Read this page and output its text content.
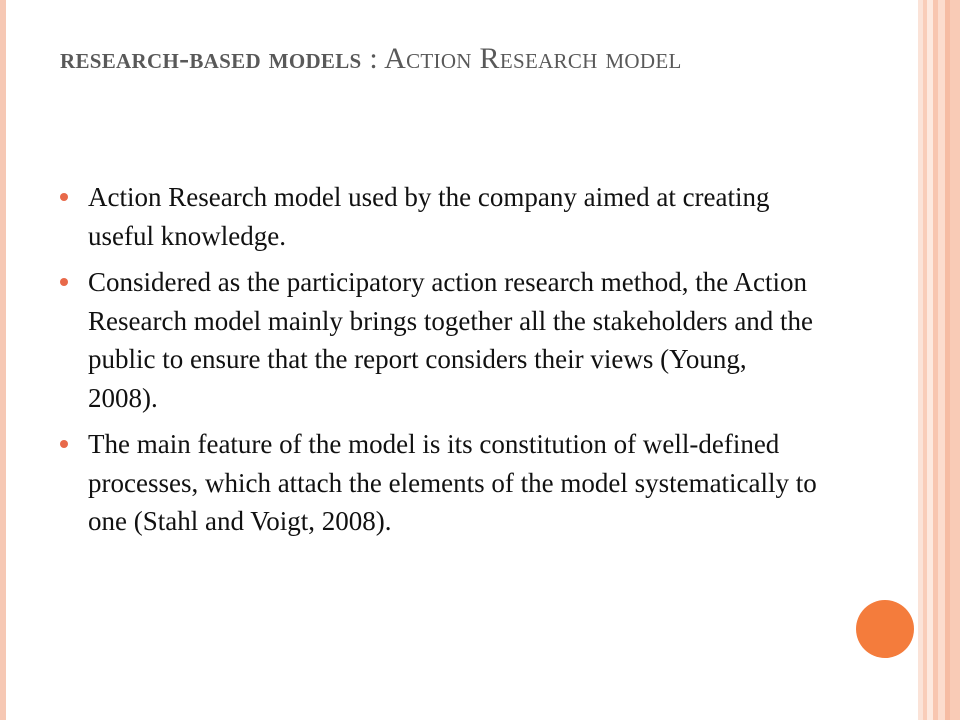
research-based models : Action Research model
Action Research model used by the company aimed at creating useful knowledge.
Considered as the participatory action research method, the Action Research model mainly brings together all the stakeholders and the public to ensure that the report considers their views (Young, 2008).
The main feature of the model is its constitution of well-defined processes, which attach the elements of the model systematically to one (Stahl and Voigt, 2008).
